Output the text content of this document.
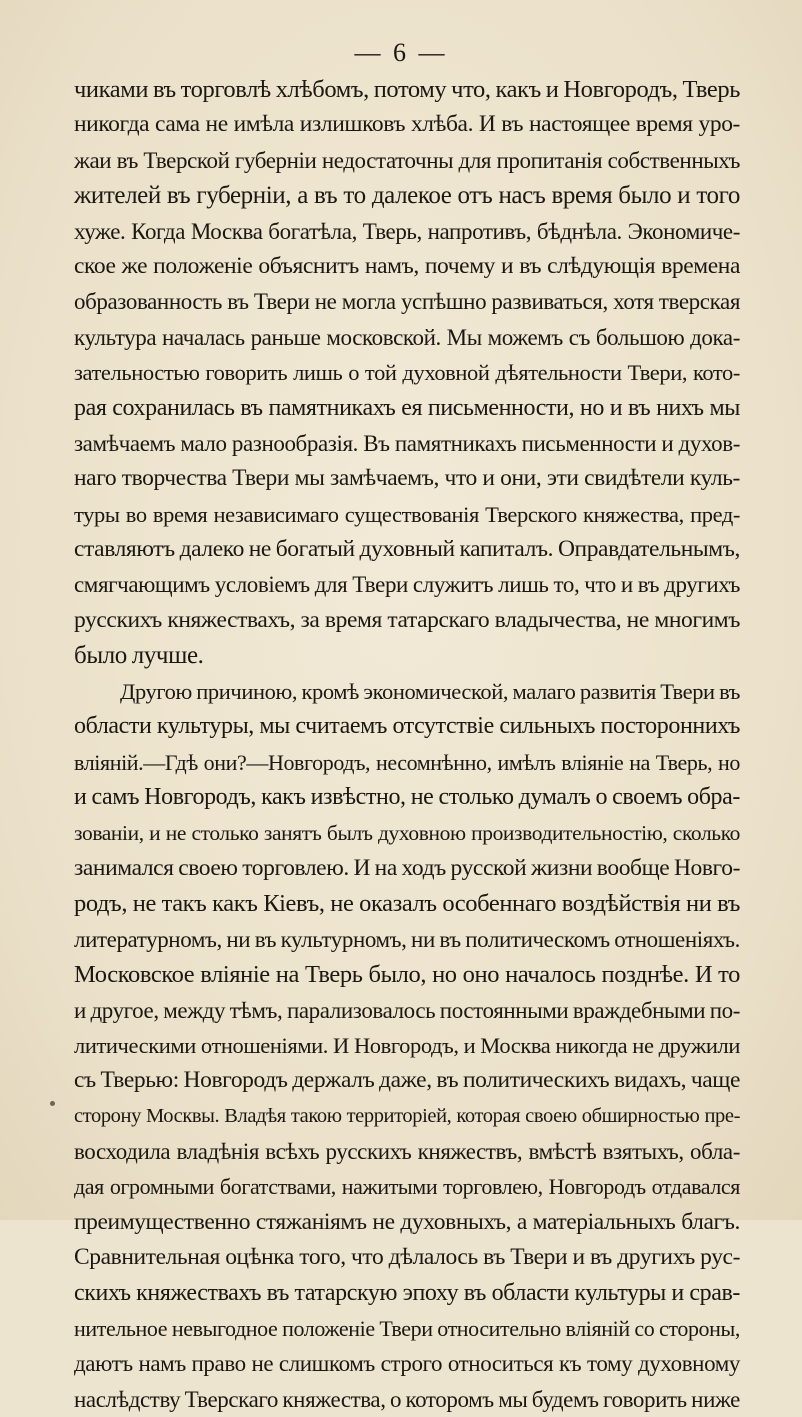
— 6 —

чиками въ торговлѣ хлѣбомъ, потому что, какъ и Новгородъ, Тверь
никогда сама не имѣла излишковъ хлѣба. И въ настоящее время уро-
жаи въ Тверской губерніи недостаточны для пропитанія собственныхъ
жителей въ губерніи, а въ то далекое отъ насъ время было и того
хуже. Когда Москва богатѣла, Тверь, напротивъ, бѣднѣла. Экономиче-
ское же положеніе объяснитъ намъ, почему и въ слѣдующія времена
образованность въ Твери не могла успѣшно развиваться, хотя тверская
культура началась раньше московской. Мы можемъ съ большою дока-
зательностью говорить лишь о той духовной дѣятельности Твери, кото-
рая сохранилась въ памятникахъ ея письменности, но и въ нихъ мы
замѣчаемъ мало разнообразія. Въ памятникахъ письменности и духов-
наго творчества Твери мы замѣчаемъ, что и они, эти свидѣтели куль-
туры во время независимаго существованія Тверского княжества, пред-
ставляютъ далеко не богатый духовный капиталъ. Оправдательнымъ,
смягчающимъ условіемъ для Твери служитъ лишь то, что и въ другихъ
русскихъ княжествахъ, за время татарскаго владычества, не многимъ
было лучше.

Другою причиною, кромѣ экономической, малаго развитія Твери въ
области культуры, мы считаемъ отсутствіе сильныхъ постороннихъ
вліяній.—Гдѣ они?—Новгородъ, несомнѣнно, имѣлъ вліяніе на Тверь, но
и самъ Новгородъ, какъ извѣстно, не столько думалъ о своемъ обра-
зованіи, и не столько занятъ былъ духовною производительностію, сколько
занимался своею торговлею. И на ходъ русской жизни вообще Новго-
родъ, не такъ какъ Кіевъ, не оказалъ особеннаго воздѣйствія ни въ
литературномъ, ни въ культурномъ, ни въ политическомъ отношеніяхъ.
Московское вліяніе на Тверь было, но оно началось позднѣе. И то
и другое, между тѣмъ, парализовалось постоянными враждебными по-
литическими отношеніями. И Новгородъ, и Москва никогда не дружили
съ Тверью: Новгородъ держалъ даже, въ политическихъ видахъ, чаще
сторону Москвы. Владѣя такою территоріей, которая своею обширностью пре-
восходила владѣнія всѣхъ русскихъ княжествъ, вмѣстѣ взятыхъ, обла-
дая огромными богатствами, нажитыми торговлею, Новгородъ отдавался
преимущественно стяжаніямъ не духовныхъ, а матеріальныхъ благъ.
Сравнительная оцѣнка того, что дѣлалось въ Твери и въ другихъ рус-
скихъ княжествахъ въ татарскую эпоху въ области культуры и срав-
нительное невыгодное положеніе Твери относительно вліяній со стороны,
даютъ намъ право не слишкомъ строго относиться къ тому духовному
наслѣдству Тверскаго княжества, о которомъ мы будемъ говорить ниже
